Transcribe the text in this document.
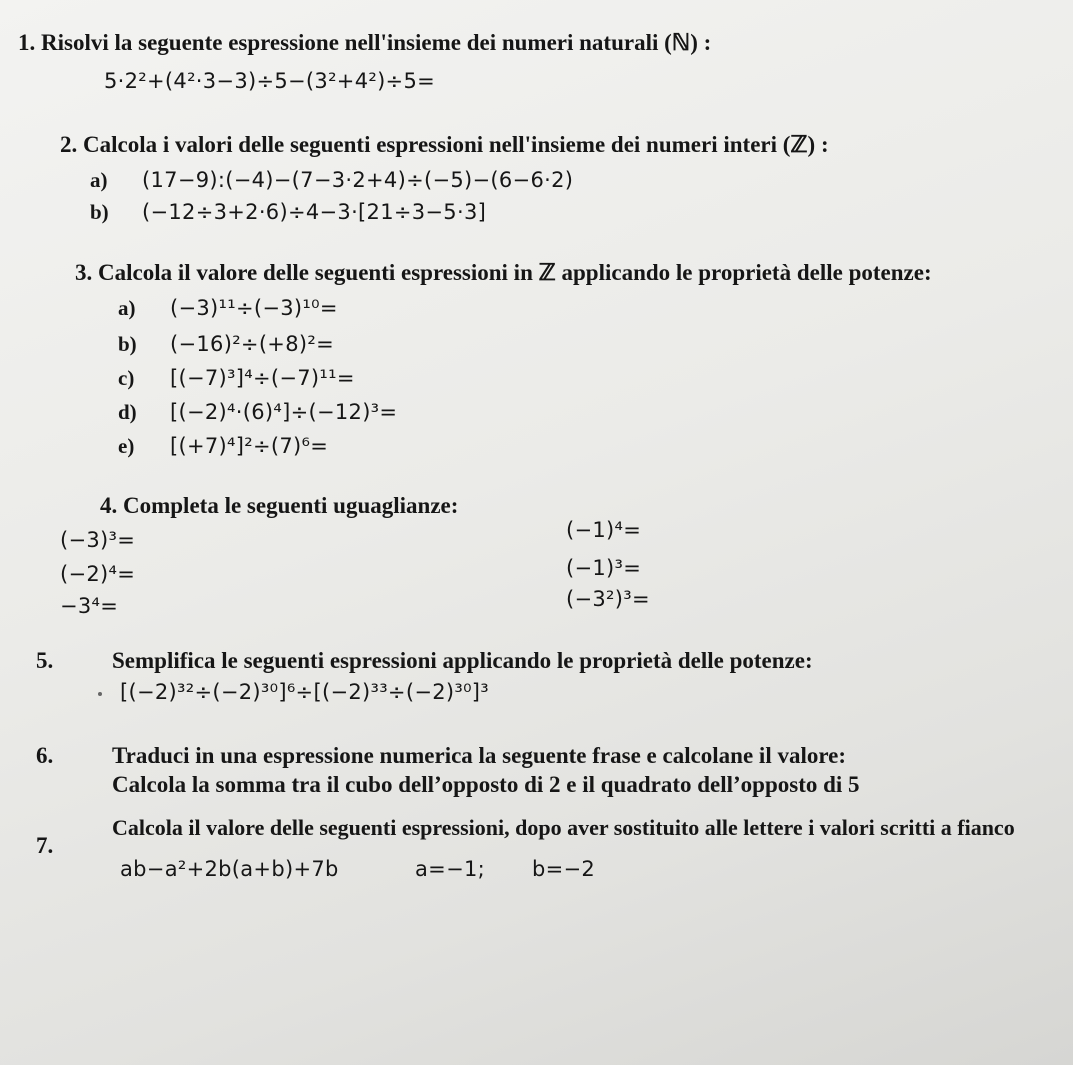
1. Risolvi la seguente espressione nell'insieme dei numeri naturali (ℕ) :
5·2²+(4²·3−3)÷5−(3²+4²)÷5=
2. Calcola i valori delle seguenti espressioni nell'insieme dei numeri interi (ℤ) :
a) (17−9):(−4)−(7−3·2+4)÷(−5)−(6−6·2)
b) (−12÷3+2·6)÷4−3·[21÷3−5·3]
3. Calcola il valore delle seguenti espressioni in ℤ applicando le proprietà delle potenze:
a) (−3)¹¹÷(−3)¹⁰=
b) (−16)²÷(+8)²=
c) [(−7)³]⁴÷(−7)¹¹=
d) [(−2)⁴·(6)⁴]÷(−12)³=
e) [(+7)⁴]²÷(7)⁶=
4. Completa le seguenti uguaglianze:
(−3)³=
(−2)⁴=
−3⁴=
(−1)⁴=
(−1)³=
(−3²)³=
5.	Semplifica le seguenti espressioni applicando le proprietà delle potenze:
[(−2)³²÷(−2)³⁰]⁶÷[(−2)³³÷(−2)³⁰]³
6.	Traduci in una espressione numerica la seguente frase e calcolane il valore:
Calcola la somma tra il cubo dell’opposto di 2 e il quadrato dell’opposto di 5
7.
Calcola il valore delle seguenti espressioni, dopo aver sostituito alle lettere i valori scritti a fianco
ab−a²+2b(a+b)+7b	a=−1; b=−2
